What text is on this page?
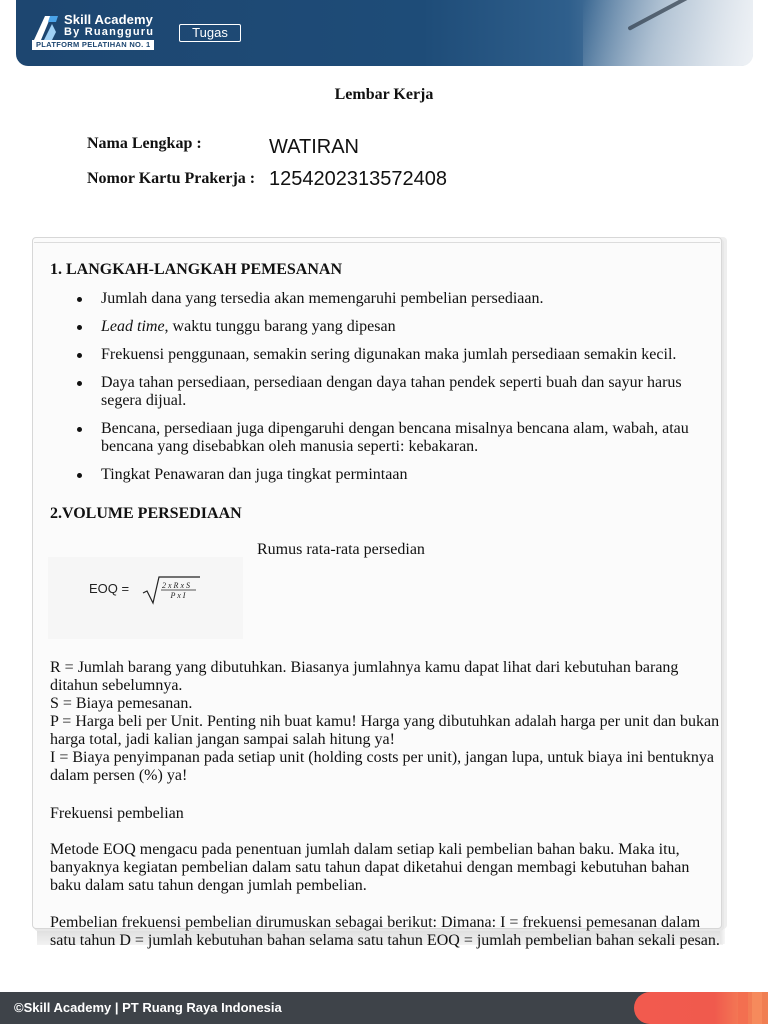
Skill Academy
By Ruangguru
PLATFORM PELATIHAN NO. 1
Tugas
Lembar Kerja
Nama Lengkap :	WATIRAN
Nomor Kartu Prakerja : 1254202313572408
1. LANGKAH-LANGKAH PEMESANAN
Jumlah dana yang tersedia akan memengaruhi pembelian persediaan.
Lead time, waktu tunggu barang yang dipesan
Frekuensi penggunaan, semakin sering digunakan maka jumlah persediaan semakin kecil.
Daya tahan persediaan, persediaan dengan daya tahan pendek seperti buah dan sayur harus segera dijual.
Bencana, persediaan juga dipengaruhi dengan bencana misalnya bencana alam, wabah, atau bencana yang disebabkan oleh manusia seperti: kebakaran.
Tingkat Penawaran dan juga tingkat permintaan
2.VOLUME PERSEDIAAN
Rumus rata-rata persedian
EOQ =	2 x R x S
P x I
R = Jumlah barang yang dibutuhkan. Biasanya jumlahnya kamu dapat lihat dari kebutuhan barang ditahun sebelumnya.
S = Biaya pemesanan.
P = Harga beli per Unit. Penting nih buat kamu! Harga yang dibutuhkan adalah harga per unit dan bukan harga total, jadi kalian jangan sampai salah hitung ya!
I = Biaya penyimpanan pada setiap unit (holding costs per unit), jangan lupa, untuk biaya ini bentuknya dalam persen (%) ya!
Frekuensi pembelian
Metode EOQ mengacu pada penentuan jumlah dalam setiap kali pembelian bahan baku. Maka itu, banyaknya kegiatan pembelian dalam satu tahun dapat diketahui dengan membagi kebutuhan bahan baku dalam satu tahun dengan jumlah pembelian.
Pembelian frekuensi pembelian dirumuskan sebagai berikut: Dimana: I = frekuensi pemesanan dalam satu tahun D = jumlah kebutuhan bahan selama satu tahun EOQ = jumlah pembelian bahan sekali pesan.
©Skill Academy | PT Ruang Raya Indonesia
